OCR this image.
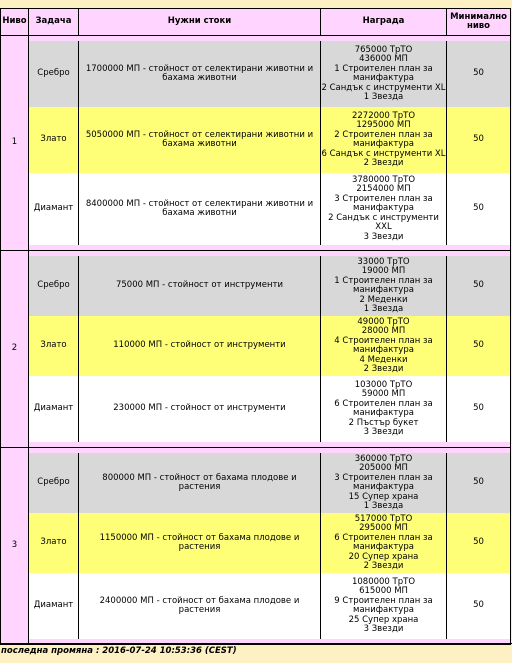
Ниво	Задача	Нужни стоки	Награда	Минимално ниво
1				
	Сребро	1700000 МП - стойност от селектирани животни и бахама животни	765000 ТрТО
436000 МП
1 Строителен план за манифактура
2 Сандък с инструменти XL
1 Звезда	50
	Злато	5050000 МП - стойност от селектирани животни и бахама животни	2272000 ТрТО
1295000 МП
2 Строителен план за манифактура
6 Сандък с инструменти XL
2 Звезди	50
	Диамант	8400000 МП - стойност от селектирани животни и бахама животни	3780000 ТрТО
2154000 МП
3 Строителен план за манифактура
2 Сандък с инструменти XXL
3 Звезди	50

2				
	Сребро	75000 МП - стойност от инструменти	33000 ТрТО
19000 МП
1 Строителен план за манифактура
2 Меденки
1 Звезда	50
	Злато	110000 МП - стойност от инструменти	49000 ТрТО
28000 МП
4 Строителен план за манифактура
4 Меденки
2 Звезди	50
	Диамант	230000 МП - стойност от инструменти	103000 ТрТО
59000 МП
6 Строителен план за манифактура
2 Пъстър букет
3 Звезди	50

3				
	Сребро	800000 МП - стойност от бахама плодове и растения	360000 ТрТО
205000 МП
3 Строителен план за манифактура
15 Супер храна
1 Звезда	50
	Злато	1150000 МП - стойност от бахама плодове и растения	517000 ТрТО
295000 МП
6 Строителен план за манифактура
20 Супер храна
2 Звезди	50
	Диамант	2400000 МП - стойност от бахама плодове и растения	1080000 ТрТО
615000 МП
9 Строителен план за манифактура
25 Супер храна
3 Звезди	50

последна промяна : 2016-07-24 10:53:36 (CEST)
